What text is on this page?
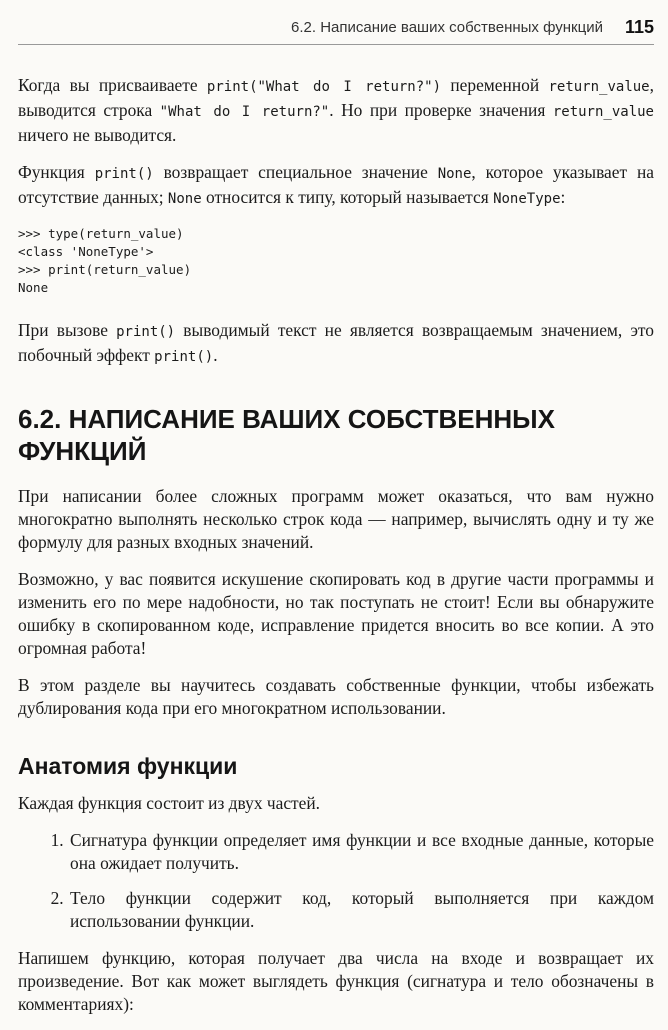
6.2. Написание ваших собственных функций 115

Когда вы присваиваете print("What do I return?") переменной return_value, выводится строка "What do I return?". Но при проверке значения return_value ничего не выводится.

Функция print() возвращает специальное значение None, которое указывает на отсутствие данных; None относится к типу, который называется NoneType:

>>> type(return_value)
<class 'NoneType'>
>>> print(return_value)
None

При вызове print() выводимый текст не является возвращаемым значением, это побочный эффект print().

6.2. НАПИСАНИЕ ВАШИХ СОБСТВЕННЫХ
ФУНКЦИЙ

При написании более сложных программ может оказаться, что вам нужно многократно выполнять несколько строк кода — например, вычислять одну и ту же формулу для разных входных значений.

Возможно, у вас появится искушение скопировать код в другие части программы и изменить его по мере надобности, но так поступать не стоит! Если вы обнаружите ошибку в скопированном коде, исправление придется вносить во все копии. А это огромная работа!

В этом разделе вы научитесь создавать собственные функции, чтобы избежать дублирования кода при его многократном использовании.

Анатомия функции

Каждая функция состоит из двух частей.

1. Сигнатура функции определяет имя функции и все входные данные, которые она ожидает получить.
2. Тело функции содержит код, который выполняется при каждом использовании функции.

Напишем функцию, которая получает два числа на входе и возвращает их произведение. Вот как может выглядеть функция (сигнатура и тело обозначены в комментариях):
